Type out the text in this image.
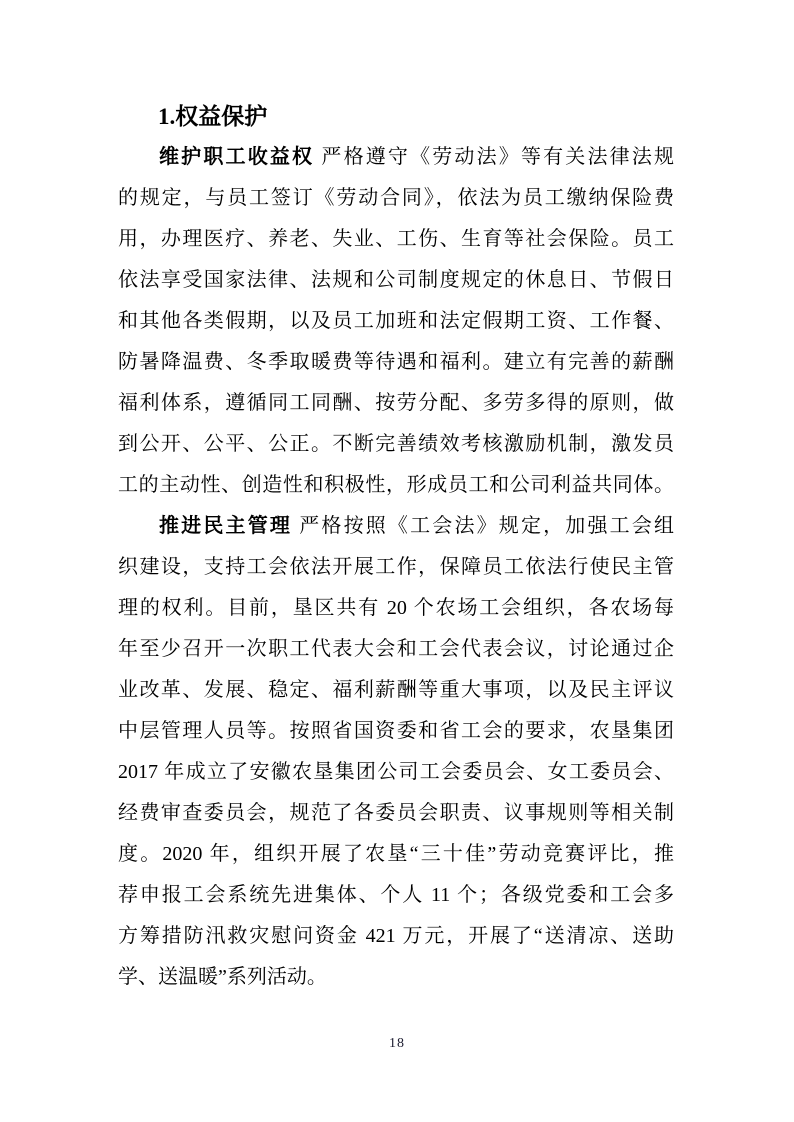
1.权益保护
维护职工收益权 严格遵守《劳动法》等有关法律法规
的规定，与员工签订《劳动合同》，依法为员工缴纳保险费
用，办理医疗、养老、失业、工伤、生育等社会保险。员工
依法享受国家法律、法规和公司制度规定的休息日、节假日
和其他各类假期，以及员工加班和法定假期工资、工作餐、
防暑降温费、冬季取暖费等待遇和福利。建立有完善的薪酬
福利体系，遵循同工同酬、按劳分配、多劳多得的原则，做
到公开、公平、公正。不断完善绩效考核激励机制，激发员
工的主动性、创造性和积极性，形成员工和公司利益共同体。
推进民主管理 严格按照《工会法》规定，加强工会组
织建设，支持工会依法开展工作，保障员工依法行使民主管
理的权利。目前，垦区共有 20 个农场工会组织，各农场每
年至少召开一次职工代表大会和工会代表会议，讨论通过企
业改革、发展、稳定、福利薪酬等重大事项，以及民主评议
中层管理人员等。按照省国资委和省工会的要求，农垦集团
2017 年成立了安徽农垦集团公司工会委员会、女工委员会、
经费审查委员会，规范了各委员会职责、议事规则等相关制
度。2020 年，组织开展了农垦“三十佳”劳动竞赛评比，推
荐申报工会系统先进集体、个人 11 个；各级党委和工会多
方筹措防汛救灾慰问资金 421 万元，开展了“送清凉、送助
学、送温暖”系列活动。
18
